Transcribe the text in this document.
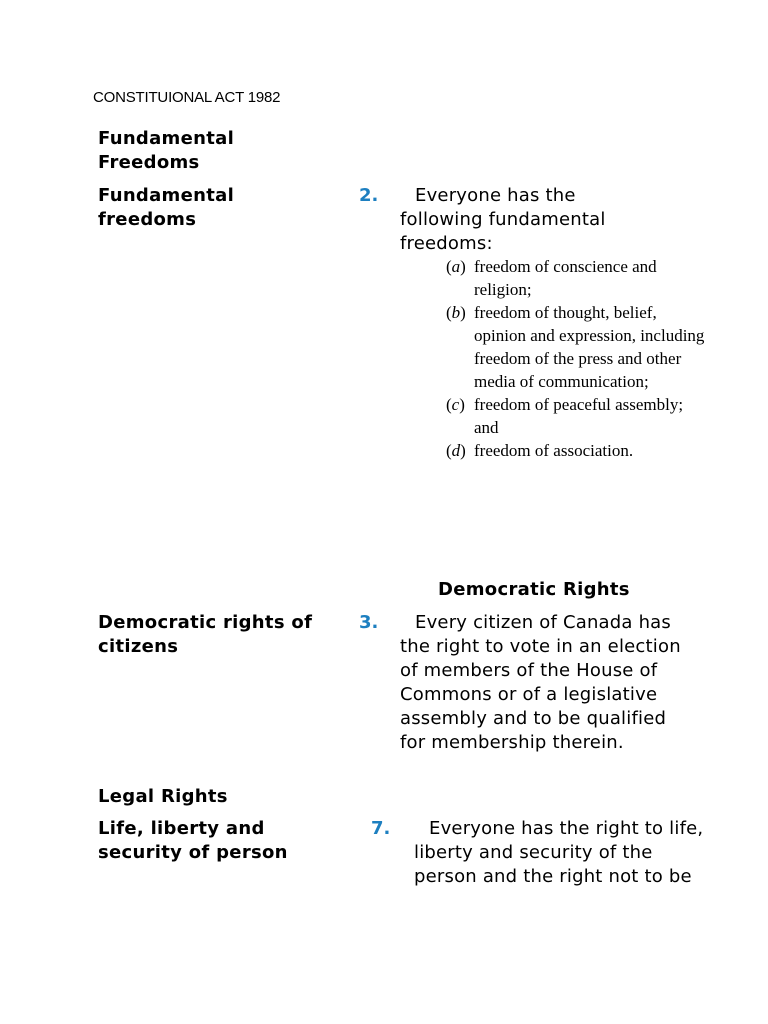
CONSTITUIONAL ACT 1982
Fundamental Freedoms
Fundamental freedoms
2.	Everyone has the following fundamental freedoms:
(a) freedom of conscience and religion;
(b) freedom of thought, belief, opinion and expression, including freedom of the press and other media of communication;
(c) freedom of peaceful assembly; and
(d) freedom of association.
Democratic Rights
Democratic rights of citizens
3.	Every citizen of Canada has the right to vote in an election of members of the House of Commons or of a legislative assembly and to be qualified for membership therein.
Legal Rights
Life, liberty and security of person
7.	Everyone has the right to life, liberty and security of the person and the right not to be
